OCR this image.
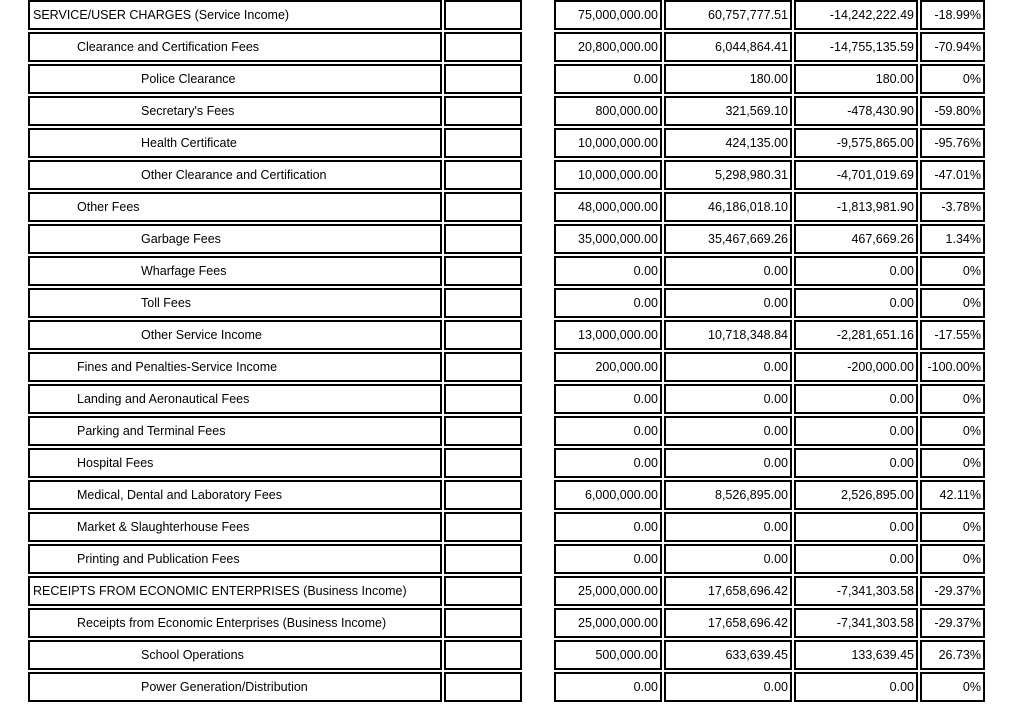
SERVICE/USER CHARGES (Service Income)	75,000,000.00	60,757,777.51	-14,242,222.49	-18.99%
Clearance and Certification Fees	20,800,000.00	6,044,864.41	-14,755,135.59	-70.94%
Police Clearance	0.00	180.00	180.00	0%
Secretary's Fees	800,000.00	321,569.10	-478,430.90	-59.80%
Health Certificate	10,000,000.00	424,135.00	-9,575,865.00	-95.76%
Other Clearance and Certification	10,000,000.00	5,298,980.31	-4,701,019.69	-47.01%
Other Fees	48,000,000.00	46,186,018.10	-1,813,981.90	-3.78%
Garbage Fees	35,000,000.00	35,467,669.26	467,669.26	1.34%
Wharfage Fees	0.00	0.00	0.00	0%
Toll Fees	0.00	0.00	0.00	0%
Other Service Income	13,000,000.00	10,718,348.84	-2,281,651.16	-17.55%
Fines and Penalties-Service Income	200,000.00	0.00	-200,000.00	-100.00%
Landing and Aeronautical Fees	0.00	0.00	0.00	0%
Parking and Terminal Fees	0.00	0.00	0.00	0%
Hospital Fees	0.00	0.00	0.00	0%
Medical, Dental and Laboratory Fees	6,000,000.00	8,526,895.00	2,526,895.00	42.11%
Market & Slaughterhouse Fees	0.00	0.00	0.00	0%
Printing and Publication Fees	0.00	0.00	0.00	0%
RECEIPTS FROM ECONOMIC ENTERPRISES (Business Income)	25,000,000.00	17,658,696.42	-7,341,303.58	-29.37%
Receipts from Economic Enterprises (Business Income)	25,000,000.00	17,658,696.42	-7,341,303.58	-29.37%
School Operations	500,000.00	633,639.45	133,639.45	26.73%
Power Generation/Distribution	0.00	0.00	0.00	0%
